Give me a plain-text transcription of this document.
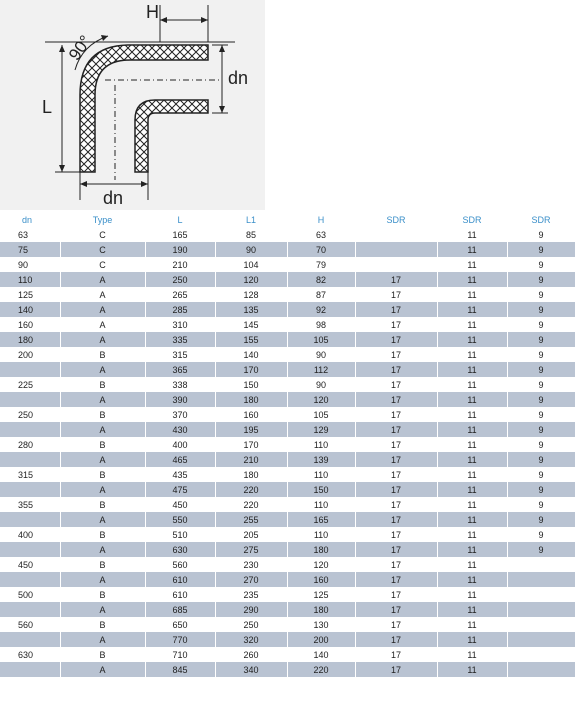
90°
H
L
dn
dn
dn	Type	L	L1	H	SDR	SDR	SDR
63	C	165	85	63		11	9
75	C	190	90	70		11	9
90	C	210	104	79		11	9
110	A	250	120	82	17	11	9
125	A	265	128	87	17	11	9
140	A	285	135	92	17	11	9
160	A	310	145	98	17	11	9
180	A	335	155	105	17	11	9
200	B	315	140	90	17	11	9
	A	365	170	112	17	11	9
225	B	338	150	90	17	11	9
	A	390	180	120	17	11	9
250	B	370	160	105	17	11	9
	A	430	195	129	17	11	9
280	B	400	170	110	17	11	9
	A	465	210	139	17	11	9
315	B	435	180	110	17	11	9
	A	475	220	150	17	11	9
355	B	450	220	110	17	11	9
	A	550	255	165	17	11	9
400	B	510	205	110	17	11	9
	A	630	275	180	17	11	9
450	B	560	230	120	17	11	
	A	610	270	160	17	11	
500	B	610	235	125	17	11	
	A	685	290	180	17	11	
560	B	650	250	130	17	11	
	A	770	320	200	17	11	
630	B	710	260	140	17	11	
	A	845	340	220	17	11	
